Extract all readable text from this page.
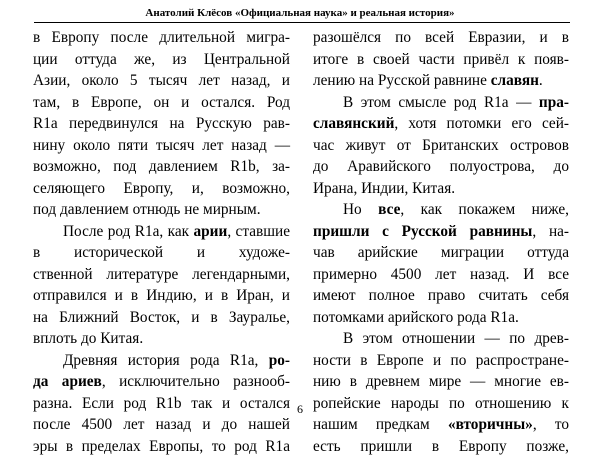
Анатолий Клёсов «Официальная наука» и реальная история»
в Европу после длительной мигра-
ции оттуда же, из Центральной
Азии, около 5 тысяч лет назад, и
там, в Европе, он и остался. Род
R1a передвинулся на Русскую рав-
нину около пяти тысяч лет назад —
возможно, под давлением R1b, за-
селяющего Европу, и, возможно,
под давлением отнюдь не мирным.
После род R1a, как арии, ставшие
в исторической и художе-
ственной литературе легендарными,
отправился и в Индию, и в Иран, и
на Ближний Восток, и в Зауралье,
вплоть до Китая.
Древняя история рода R1a, ро-
да ариев, исключительно разнооб-
разна. Если род R1b так и остался
после 4500 лет назад и до нашей
эры в пределах Европы, то род R1a
разошёлся по всей Евразии, и в
итоге в своей части привёл к появ-
лению на Русской равнине славян.
В этом смысле род R1a — пра-
славянский, хотя потомки его сей-
час живут от Британских островов
до Аравийского полуострова, до
Ирана, Индии, Китая.
Но все, как покажем ниже,
пришли с Русской равнины, на-
чав арийские миграции оттуда
примерно 4500 лет назад. И все
имеют полное право считать себя
потомками арийского рода R1a.
В этом отношении — по древ-
ности в Европе и по распростране-
нию в древнем мире — многие ев-
ропейские народы по отношению к
нашим предкам «вторичны», то
есть пришли в Европу позже,
6
